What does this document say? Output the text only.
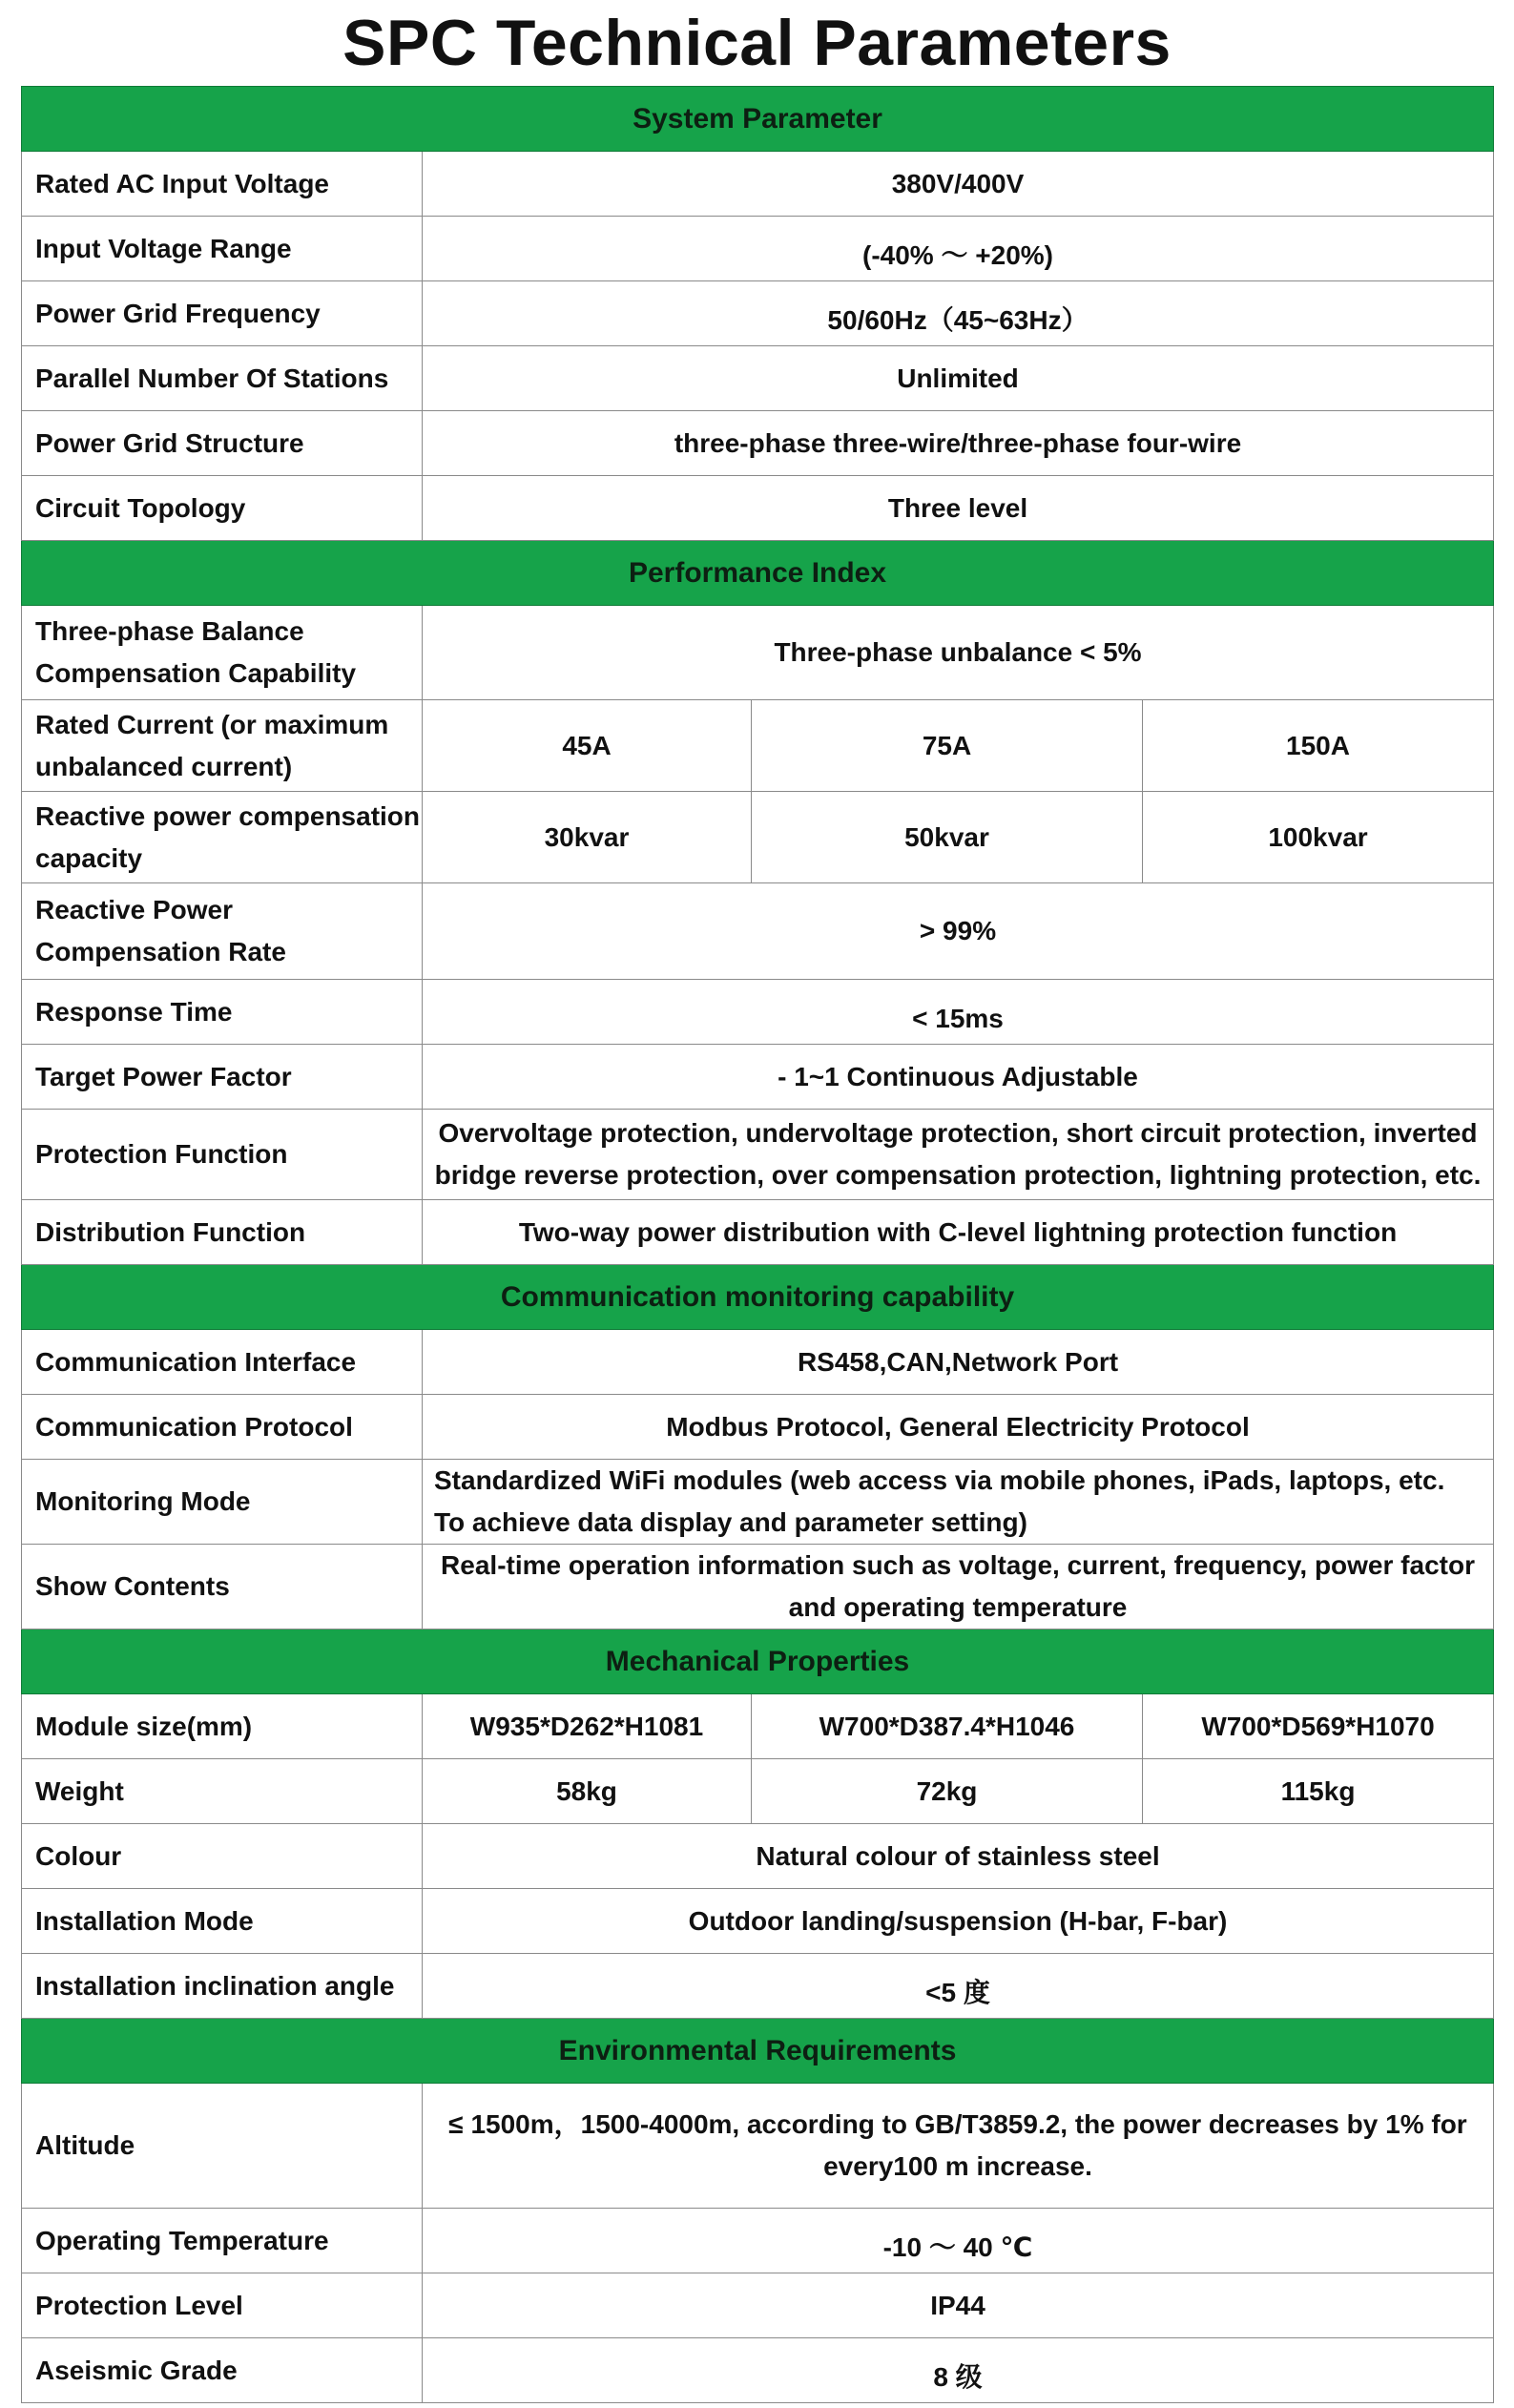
SPC Technical Parameters
System Parameter			
Rated AC Input Voltage	380V/400V		
Input Voltage Range	(-40% ～ +20%)		
Power Grid Frequency	50/60Hz（45~63Hz）		
Parallel Number Of Stations	Unlimited		
Power Grid Structure	three-phase three-wire/three-phase four-wire		
Circuit Topology	Three level		
Performance Index			
Three-phase Balance Compensation Capability	Three-phase unbalance < 5%		
Rated Current (or maximum unbalanced current)	45A	75A	150A
Reactive power compensation capacity	30kvar	50kvar	100kvar
Reactive Power Compensation Rate	> 99%		
Response Time	< 15ms		
Target Power Factor	- 1~1 Continuous Adjustable		
Protection Function	Overvoltage protection, undervoltage protection, short circuit protection, inverted bridge reverse protection, over compensation protection, lightning protection, etc.		
Distribution Function	Two-way power distribution with C-level lightning protection function		
Communication monitoring capability			
Communication Interface	RS458,CAN,Network Port		
Communication Protocol	Modbus Protocol, General Electricity Protocol		
Monitoring Mode	Standardized WiFi modules (web access via mobile phones, iPads, laptops, etc.
To achieve data display and parameter setting)		

Show Contents	Real-time operation information such as voltage, current, frequency, power factor and operating temperature		
Mechanical Properties			
Module size(mm)	W935*D262*H1081	W700*D387.4*H1046	W700*D569*H1070
Weight	58kg	72kg	115kg
Colour	Natural colour of stainless steel		
Installation Mode	Outdoor landing/suspension (H-bar, F-bar)		
Installation inclination angle	<5 度		
Environmental Requirements			
Altitude	≤ 1500m，1500-4000m, according to GB/T3859.2, the power decreases by 1% for
every100 m increase.		

Operating Temperature	-10 ～ 40 ℃		
Protection Level	IP44		
Aseismic Grade	8 级		
